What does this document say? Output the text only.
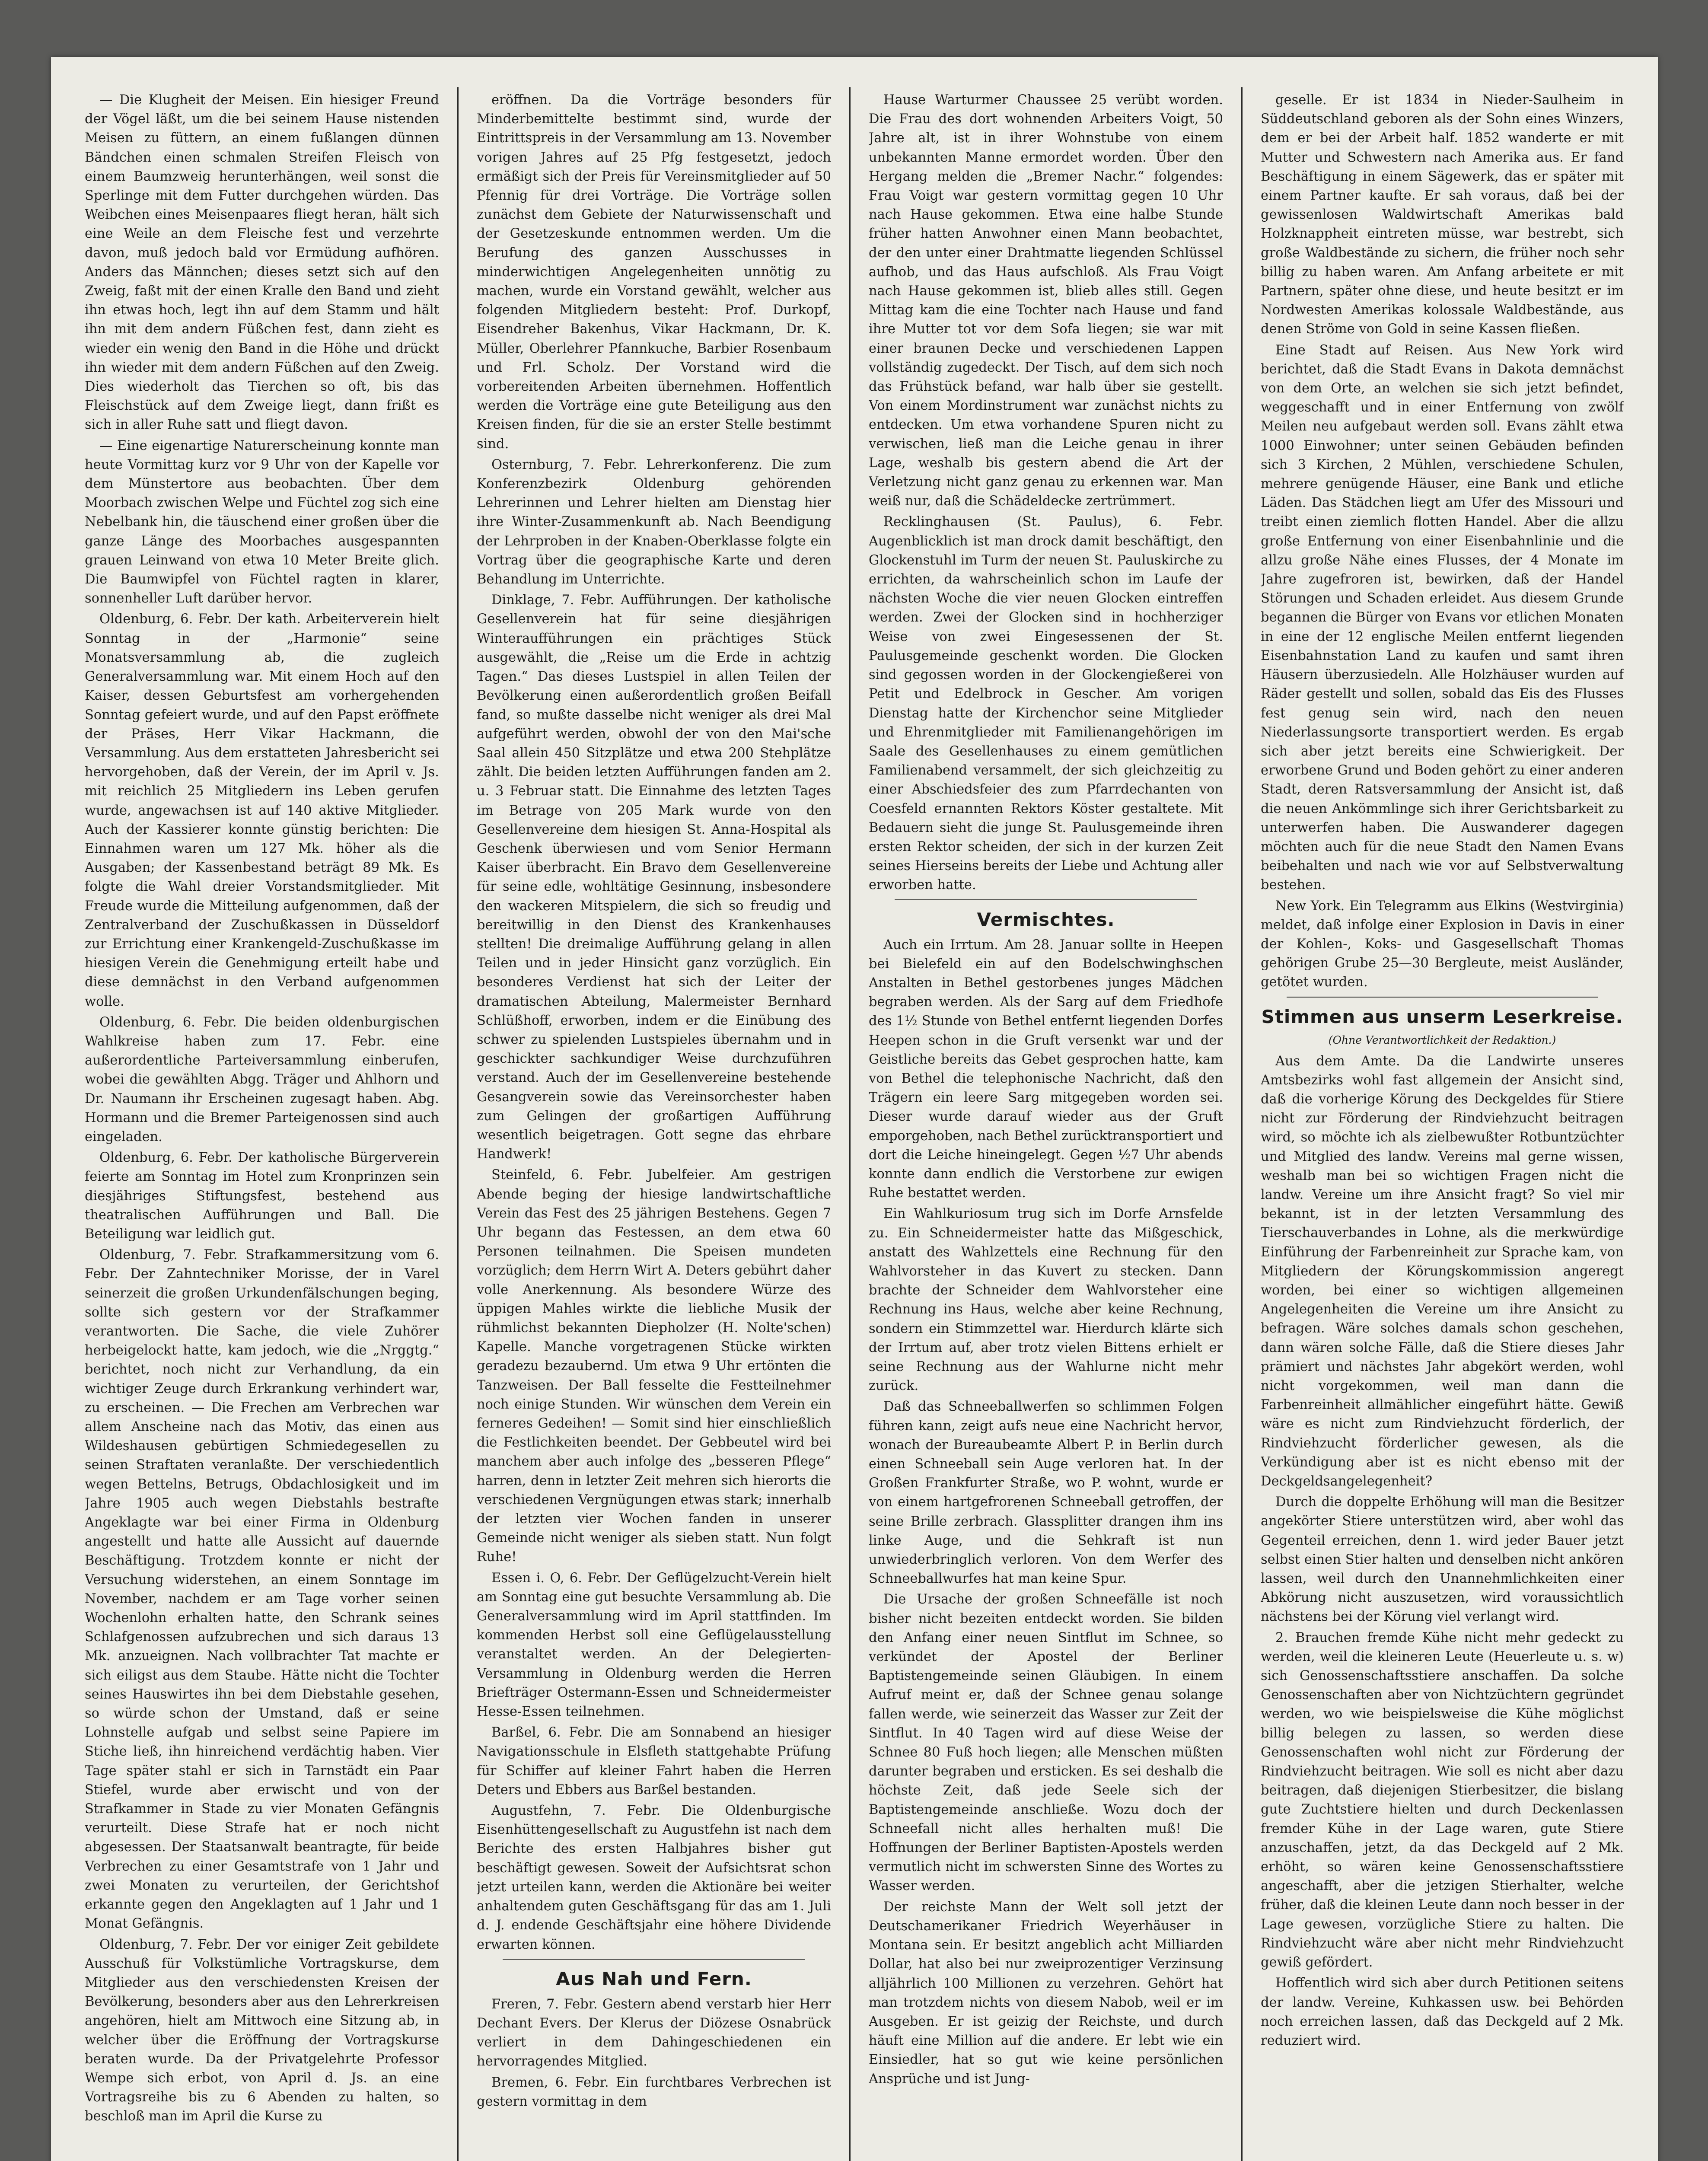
— Die Klugheit der Meisen. Ein hiesiger Freund der Vögel läßt, um die bei seinem Hause nistenden Meisen zu füttern, an einem fußlangen dünnen Bändchen einen schmalen Streifen Fleisch von einem Baumzweig herunterhängen, weil sonst die Sperlinge mit dem Futter durchgehen würden. Das Weibchen eines Meisenpaares fliegt heran, hält sich eine Weile an dem Fleische fest und verzehrte davon, muß jedoch bald vor Ermüdung aufhören. Anders das Männchen; dieses setzt sich auf den Zweig, faßt mit der einen Kralle den Band und zieht ihn etwas hoch, legt ihn auf dem Stamm und hält ihn mit dem andern Füßchen fest, dann zieht es wieder ein wenig den Band in die Höhe und drückt ihn wieder mit dem andern Füßchen auf den Zweig. Dies wiederholt das Tierchen so oft, bis das Fleischstück auf dem Zweige liegt, dann frißt es sich in aller Ruhe satt und fliegt davon.

— Eine eigenartige Naturerscheinung konnte man heute Vormittag kurz vor 9 Uhr von der Kapelle vor dem Münstertore aus beobachten. Über dem Moorbach zwischen Welpe und Füchtel zog sich eine Nebelbank hin, die täuschend einer großen über die ganze Länge des Moorbaches ausgespannten grauen Leinwand von etwa 10 Meter Breite glich. Die Baumwipfel von Füchtel ragten in klarer, sonnenheller Luft darüber hervor.

Oldenburg, 6. Febr. Der kath. Arbeiterverein hielt Sonntag in der „Harmonie“ seine Monatsversammlung ab, die zugleich Generalversammlung war. Mit einem Hoch auf den Kaiser, dessen Geburtsfest am vorhergehenden Sonntag gefeiert wurde, und auf den Papst eröffnete der Präses, Herr Vikar Hackmann, die Versammlung. Aus dem erstatteten Jahresbericht sei hervorgehoben, daß der Verein, der im April v. Js. mit reichlich 25 Mitgliedern ins Leben gerufen wurde, angewachsen ist auf 140 aktive Mitglieder. Auch der Kassierer konnte günstig berichten: Die Einnahmen waren um 127 Mk. höher als die Ausgaben; der Kassenbestand beträgt 89 Mk. Es folgte die Wahl dreier Vorstandsmitglieder. Mit Freude wurde die Mitteilung aufgenommen, daß der Zentralverband der Zuschußkassen in Düsseldorf zur Errichtung einer Krankengeld-Zuschußkasse im hiesigen Verein die Genehmigung erteilt habe und diese demnächst in den Verband aufgenommen wolle.

Oldenburg, 6. Febr. Die beiden oldenburgischen Wahlkreise haben zum 17. Febr. eine außerordentliche Parteiversammlung einberufen, wobei die gewählten Abgg. Träger und Ahlhorn und Dr. Naumann ihr Erscheinen zugesagt haben. Abg. Hormann und die Bremer Parteigenossen sind auch eingeladen.

Oldenburg, 6. Febr. Der katholische Bürgerverein feierte am Sonntag im Hotel zum Kronprinzen sein diesjähriges Stiftungsfest, bestehend aus theatralischen Aufführungen und Ball. Die Beteiligung war leidlich gut.

Oldenburg, 7. Febr. Strafkammersitzung vom 6. Febr. Der Zahntechniker Morisse, der in Varel seinerzeit die großen Urkundenfälschungen beging, sollte sich gestern vor der Strafkammer verantworten. Die Sache, die viele Zuhörer herbeigelockt hatte, kam jedoch, wie die „Nrggtg.“ berichtet, noch nicht zur Verhandlung, da ein wichtiger Zeuge durch Erkrankung verhindert war, zu erscheinen. — Die Frechen am Verbrechen war allem Anscheine nach das Motiv, das einen aus Wildeshausen gebürtigen Schmiedegesellen zu seinen Straftaten veranlaßte. Der verschiedentlich wegen Bettelns, Betrugs, Obdachlosigkeit und im Jahre 1905 auch wegen Diebstahls bestrafte Angeklagte war bei einer Firma in Oldenburg angestellt und hatte alle Aussicht auf dauernde Beschäftigung. Trotzdem konnte er nicht der Versuchung widerstehen, an einem Sonntage im November, nachdem er am Tage vorher seinen Wochenlohn erhalten hatte, den Schrank seines Schlafgenossen aufzubrechen und sich daraus 13 Mk. anzueignen. Nach vollbrachter Tat machte er sich eiligst aus dem Staube. Hätte nicht die Tochter seines Hauswirtes ihn bei dem Diebstahle gesehen, so würde schon der Umstand, daß er seine Lohnstelle aufgab und selbst seine Papiere im Stiche ließ, ihn hinreichend verdächtig haben. Vier Tage später stahl er sich in Tarnstädt ein Paar Stiefel, wurde aber erwischt und von der Strafkammer in Stade zu vier Monaten Gefängnis verurteilt. Diese Strafe hat er noch nicht abgesessen. Der Staatsanwalt beantragte, für beide Verbrechen zu einer Gesamtstrafe von 1 Jahr und zwei Monaten zu verurteilen, der Gerichtshof erkannte gegen den Angeklagten auf 1 Jahr und 1 Monat Gefängnis.

Oldenburg, 7. Febr. Der vor einiger Zeit gebildete Ausschuß für Volkstümliche Vortragskurse, dem Mitglieder aus den verschiedensten Kreisen der Bevölkerung, besonders aber aus den Lehrerkreisen angehören, hielt am Mittwoch eine Sitzung ab, in welcher über die Eröffnung der Vortragskurse beraten wurde. Da der Privatgelehrte Professor Wempe sich erbot, von April d. Js. an eine Vortragsreihe bis zu 6 Abenden zu halten, so beschloß man im April die Kurse zu

eröffnen. Da die Vorträge besonders für Minderbemittelte bestimmt sind, wurde der Eintrittspreis in der Versammlung am 13. November vorigen Jahres auf 25 Pfg festgesetzt, jedoch ermäßigt sich der Preis für Vereinsmitglieder auf 50 Pfennig für drei Vorträge. Die Vorträge sollen zunächst dem Gebiete der Naturwissenschaft und der Gesetzeskunde entnommen werden. Um die Berufung des ganzen Ausschusses in minderwichtigen Angelegenheiten unnötig zu machen, wurde ein Vorstand gewählt, welcher aus folgenden Mitgliedern besteht: Prof. Durkopf, Eisendreher Bakenhus, Vikar Hackmann, Dr. K. Müller, Oberlehrer Pfannkuche, Barbier Rosenbaum und Frl. Scholz. Der Vorstand wird die vorbereitenden Arbeiten übernehmen. Hoffentlich werden die Vorträge eine gute Beteiligung aus den Kreisen finden, für die sie an erster Stelle bestimmt sind.

Osternburg, 7. Febr. Lehrerkonferenz. Die zum Konferenzbezirk Oldenburg gehörenden Lehrerinnen und Lehrer hielten am Dienstag hier ihre Winter-Zusammenkunft ab. Nach Beendigung der Lehrproben in der Knaben-Oberklasse folgte ein Vortrag über die geographische Karte und deren Behandlung im Unterrichte.

Dinklage, 7. Febr. Aufführungen. Der katholische Gesellenverein hat für seine diesjährigen Winteraufführungen ein prächtiges Stück ausgewählt, die „Reise um die Erde in achtzig Tagen.“ Das dieses Lustspiel in allen Teilen der Bevölkerung einen außerordentlich großen Beifall fand, so mußte dasselbe nicht weniger als drei Mal aufgeführt werden, obwohl der von den Mai'sche Saal allein 450 Sitzplätze und etwa 200 Stehplätze zählt. Die beiden letzten Aufführungen fanden am 2. u. 3 Februar statt. Die Einnahme des letzten Tages im Betrage von 205 Mark wurde von den Gesellenvereine dem hiesigen St. Anna-Hospital als Geschenk überwiesen und vom Senior Hermann Kaiser überbracht. Ein Bravo dem Gesellenvereine für seine edle, wohltätige Gesinnung, insbesondere den wackeren Mitspielern, die sich so freudig und bereitwillig in den Dienst des Krankenhauses stellten! Die dreimalige Aufführung gelang in allen Teilen und in jeder Hinsicht ganz vorzüglich. Ein besonderes Verdienst hat sich der Leiter der dramatischen Abteilung, Malermeister Bernhard Schlüßhoff, erworben, indem er die Einübung des schwer zu spielenden Lustspieles übernahm und in geschickter sachkundiger Weise durchzuführen verstand. Auch der im Gesellenvereine bestehende Gesangverein sowie das Vereinsorchester haben zum Gelingen der großartigen Aufführung wesentlich beigetragen. Gott segne das ehrbare Handwerk!

Steinfeld, 6. Febr. Jubelfeier. Am gestrigen Abende beging der hiesige landwirtschaftliche Verein das Fest des 25 jährigen Bestehens. Gegen 7 Uhr begann das Festessen, an dem etwa 60 Personen teilnahmen. Die Speisen mundeten vorzüglich; dem Herrn Wirt A. Deters gebührt daher volle Anerkennung. Als besondere Würze des üppigen Mahles wirkte die liebliche Musik der rühmlichst bekannten Diepholzer (H. Nolte'schen) Kapelle. Manche vorgetragenen Stücke wirkten geradezu bezaubernd. Um etwa 9 Uhr ertönten die Tanzweisen. Der Ball fesselte die Festteilnehmer noch einige Stunden. Wir wünschen dem Verein ein ferneres Gedeihen! — Somit sind hier einschließlich die Festlichkeiten beendet. Der Gebbeutel wird bei manchem aber auch infolge des „besseren Pflege“ harren, denn in letzter Zeit mehren sich hierorts die verschiedenen Vergnügungen etwas stark; innerhalb der letzten vier Wochen fanden in unserer Gemeinde nicht weniger als sieben statt. Nun folgt Ruhe!

Essen i. O, 6. Febr. Der Geflügelzucht-Verein hielt am Sonntag eine gut besuchte Versammlung ab. Die Generalversammlung wird im April stattfinden. Im kommenden Herbst soll eine Geflügelausstellung veranstaltet werden. An der Delegierten-Versammlung in Oldenburg werden die Herren Briefträger Ostermann-Essen und Schneidermeister Hesse-Essen teilnehmen.

Barßel, 6. Febr. Die am Sonnabend an hiesiger Navigationsschule in Elsfleth stattgehabte Prüfung für Schiffer auf kleiner Fahrt haben die Herren Deters und Ebbers aus Barßel bestanden.

Augustfehn, 7. Febr. Die Oldenburgische Eisenhüttengesellschaft zu Augustfehn ist nach dem Berichte des ersten Halbjahres bisher gut beschäftigt gewesen. Soweit der Aufsichtsrat schon jetzt urteilen kann, werden die Aktionäre bei weiter anhaltendem guten Geschäftsgang für das am 1. Juli d. J. endende Geschäftsjahr eine höhere Dividende erwarten können.

Aus Nah und Fern.

Freren, 7. Febr. Gestern abend verstarb hier Herr Dechant Evers. Der Klerus der Diözese Osnabrück verliert in dem Dahingeschiedenen ein hervorragendes Mitglied.

Bremen, 6. Febr. Ein furchtbares Verbrechen ist gestern vormittag in dem

Hause Warturmer Chaussee 25 verübt worden. Die Frau des dort wohnenden Arbeiters Voigt, 50 Jahre alt, ist in ihrer Wohnstube von einem unbekannten Manne ermordet worden. Über den Hergang melden die „Bremer Nachr.“ folgendes: Frau Voigt war gestern vormittag gegen 10 Uhr nach Hause gekommen. Etwa eine halbe Stunde früher hatten Anwohner einen Mann beobachtet, der den unter einer Drahtmatte liegenden Schlüssel aufhob, und das Haus aufschloß. Als Frau Voigt nach Hause gekommen ist, blieb alles still. Gegen Mittag kam die eine Tochter nach Hause und fand ihre Mutter tot vor dem Sofa liegen; sie war mit einer braunen Decke und verschiedenen Lappen vollständig zugedeckt. Der Tisch, auf dem sich noch das Frühstück befand, war halb über sie gestellt. Von einem Mordinstrument war zunächst nichts zu entdecken. Um etwa vorhandene Spuren nicht zu verwischen, ließ man die Leiche genau in ihrer Lage, weshalb bis gestern abend die Art der Verletzung nicht ganz genau zu erkennen war. Man weiß nur, daß die Schädeldecke zertrümmert.

Recklinghausen (St. Paulus), 6. Febr. Augenblicklich ist man drock damit beschäftigt, den Glockenstuhl im Turm der neuen St. Pauluskirche zu errichten, da wahrscheinlich schon im Laufe der nächsten Woche die vier neuen Glocken eintreffen werden. Zwei der Glocken sind in hochherziger Weise von zwei Eingesessenen der St. Paulusgemeinde geschenkt worden. Die Glocken sind gegossen worden in der Glockengießerei von Petit und Edelbrock in Gescher. Am vorigen Dienstag hatte der Kirchenchor seine Mitglieder und Ehrenmitglieder mit Familienangehörigen im Saale des Gesellenhauses zu einem gemütlichen Familienabend versammelt, der sich gleichzeitig zu einer Abschiedsfeier des zum Pfarrdechanten von Coesfeld ernannten Rektors Köster gestaltete. Mit Bedauern sieht die junge St. Paulusgemeinde ihren ersten Rektor scheiden, der sich in der kurzen Zeit seines Hierseins bereits der Liebe und Achtung aller erworben hatte.

Vermischtes.

Auch ein Irrtum. Am 28. Januar sollte in Heepen bei Bielefeld ein auf den Bodelschwinghschen Anstalten in Bethel gestorbenes junges Mädchen begraben werden. Als der Sarg auf dem Friedhofe des 1½ Stunde von Bethel entfernt liegenden Dorfes Heepen schon in die Gruft versenkt war und der Geistliche bereits das Gebet gesprochen hatte, kam von Bethel die telephonische Nachricht, daß den Trägern ein leere Sarg mitgegeben worden sei. Dieser wurde darauf wieder aus der Gruft emporgehoben, nach Bethel zurücktransportiert und dort die Leiche hineingelegt. Gegen ½7 Uhr abends konnte dann endlich die Verstorbene zur ewigen Ruhe bestattet werden.

Ein Wahlkuriosum trug sich im Dorfe Arnsfelde zu. Ein Schneidermeister hatte das Mißgeschick, anstatt des Wahlzettels eine Rechnung für den Wahlvorsteher in das Kuvert zu stecken. Dann brachte der Schneider dem Wahlvorsteher eine Rechnung ins Haus, welche aber keine Rechnung, sondern ein Stimmzettel war. Hierdurch klärte sich der Irrtum auf, aber trotz vielen Bittens erhielt er seine Rechnung aus der Wahlurne nicht mehr zurück.

Daß das Schneeballwerfen so schlimmen Folgen führen kann, zeigt aufs neue eine Nachricht hervor, wonach der Bureaubeamte Albert P. in Berlin durch einen Schneeball sein Auge verloren hat. In der Großen Frankfurter Straße, wo P. wohnt, wurde er von einem hartgefrorenen Schneeball getroffen, der seine Brille zerbrach. Glassplitter drangen ihm ins linke Auge, und die Sehkraft ist nun unwiederbringlich verloren. Von dem Werfer des Schneeballwurfes hat man keine Spur.

Die Ursache der großen Schneefälle ist noch bisher nicht bezeiten entdeckt worden. Sie bilden den Anfang einer neuen Sintflut im Schnee, so verkündet der Apostel der Berliner Baptistengemeinde seinen Gläubigen. In einem Aufruf meint er, daß der Schnee genau solange fallen werde, wie seinerzeit das Wasser zur Zeit der Sintflut. In 40 Tagen wird auf diese Weise der Schnee 80 Fuß hoch liegen; alle Menschen müßten darunter begraben und ersticken. Es sei deshalb die höchste Zeit, daß jede Seele sich der Baptistengemeinde anschließe. Wozu doch der Schneefall nicht alles herhalten muß! Die Hoffnungen der Berliner Baptisten-Apostels werden vermutlich nicht im schwersten Sinne des Wortes zu Wasser werden.

Der reichste Mann der Welt soll jetzt der Deutschamerikaner Friedrich Weyerhäuser in Montana sein. Er besitzt angeblich acht Milliarden Dollar, hat also bei nur zweiprozentiger Verzinsung alljährlich 100 Millionen zu verzehren. Gehört hat man trotzdem nichts von diesem Nabob, weil er im Ausgeben. Er ist geizig der Reichste, und durch häuft eine Million auf die andere. Er lebt wie ein Einsiedler, hat so gut wie keine persönlichen Ansprüche und ist Jung-

geselle. Er ist 1834 in Nieder-Saulheim in Süddeutschland geboren als der Sohn eines Winzers, dem er bei der Arbeit half. 1852 wanderte er mit Mutter und Schwestern nach Amerika aus. Er fand Beschäftigung in einem Sägewerk, das er später mit einem Partner kaufte. Er sah voraus, daß bei der gewissenlosen Waldwirtschaft Amerikas bald Holzknappheit eintreten müsse, war bestrebt, sich große Waldbestände zu sichern, die früher noch sehr billig zu haben waren. Am Anfang arbeitete er mit Partnern, später ohne diese, und heute besitzt er im Nordwesten Amerikas kolossale Waldbestände, aus denen Ströme von Gold in seine Kassen fließen.

Eine Stadt auf Reisen. Aus New York wird berichtet, daß die Stadt Evans in Dakota demnächst von dem Orte, an welchen sie sich jetzt befindet, weggeschafft und in einer Entfernung von zwölf Meilen neu aufgebaut werden soll. Evans zählt etwa 1000 Einwohner; unter seinen Gebäuden befinden sich 3 Kirchen, 2 Mühlen, verschiedene Schulen, mehrere genügende Häuser, eine Bank und etliche Läden. Das Städchen liegt am Ufer des Missouri und treibt einen ziemlich flotten Handel. Aber die allzu große Entfernung von einer Eisenbahnlinie und die allzu große Nähe eines Flusses, der 4 Monate im Jahre zugefroren ist, bewirken, daß der Handel Störungen und Schaden erleidet. Aus diesem Grunde begannen die Bürger von Evans vor etlichen Monaten in eine der 12 englische Meilen entfernt liegenden Eisenbahnstation Land zu kaufen und samt ihren Häusern überzusiedeln. Alle Holzhäuser wurden auf Räder gestellt und sollen, sobald das Eis des Flusses fest genug sein wird, nach den neuen Niederlassungsorte transportiert werden. Es ergab sich aber jetzt bereits eine Schwierigkeit. Der erworbene Grund und Boden gehört zu einer anderen Stadt, deren Ratsversammlung der Ansicht ist, daß die neuen Ankömmlinge sich ihrer Gerichtsbarkeit zu unterwerfen haben. Die Auswanderer dagegen möchten auch für die neue Stadt den Namen Evans beibehalten und nach wie vor auf Selbstverwaltung bestehen.

New York. Ein Telegramm aus Elkins (Westvirginia) meldet, daß infolge einer Explosion in Davis in einer der Kohlen-, Koks- und Gasgesellschaft Thomas gehörigen Grube 25—30 Bergleute, meist Ausländer, getötet wurden.

Stimmen aus unserm Leserkreise.
(Ohne Verantwortlichkeit der Redaktion.)

Aus dem Amte. Da die Landwirte unseres Amtsbezirks wohl fast allgemein der Ansicht sind, daß die vorherige Körung des Deckgeldes für Stiere nicht zur Förderung der Rindviehzucht beitragen wird, so möchte ich als zielbewußter Rotbuntzüchter und Mitglied des landw. Vereins mal gerne wissen, weshalb man bei so wichtigen Fragen nicht die landw. Vereine um ihre Ansicht fragt? So viel mir bekannt, ist in der letzten Versammlung des Tierschauverbandes in Lohne, als die merkwürdige Einführung der Farbenreinheit zur Sprache kam, von Mitgliedern der Körungskommission angeregt worden, bei einer so wichtigen allgemeinen Angelegenheiten die Vereine um ihre Ansicht zu befragen. Wäre solches damals schon geschehen, dann wären solche Fälle, daß die Stiere dieses Jahr prämiert und nächstes Jahr abgekört werden, wohl nicht vorgekommen, weil man dann die Farbenreinheit allmählicher eingeführt hätte. Gewiß wäre es nicht zum Rindviehzucht förderlich, der Rindviehzucht förderlicher gewesen, als die Verkündigung aber ist es nicht ebenso mit der Deckgeldsangelegenheit?

Durch die doppelte Erhöhung will man die Besitzer angekörter Stiere unterstützen wird, aber wohl das Gegenteil erreichen, denn 1. wird jeder Bauer jetzt selbst einen Stier halten und denselben nicht ankören lassen, weil durch den Unannehmlichkeiten einer Abkörung nicht auszusetzen, wird voraussichtlich nächstens bei der Körung viel verlangt wird.

2. Brauchen fremde Kühe nicht mehr gedeckt zu werden, weil die kleineren Leute (Heuerleute u. s. w) sich Genossenschaftsstiere anschaffen. Da solche Genossenschaften aber von Nichtzüchtern gegründet werden, wo wie beispielsweise die Kühe möglichst billig belegen zu lassen, so werden diese Genossenschaften wohl nicht zur Förderung der Rindviehzucht beitragen. Wie soll es nicht aber dazu beitragen, daß diejenigen Stierbesitzer, die bislang gute Zuchtstiere hielten und durch Deckenlassen fremder Kühe in der Lage waren, gute Stiere anzuschaffen, jetzt, da das Deckgeld auf 2 Mk. erhöht, so wären keine Genossenschaftsstiere angeschafft, aber die jetzigen Stierhalter, welche früher, daß die kleinen Leute dann noch besser in der Lage gewesen, vorzügliche Stiere zu halten. Die Rindviehzucht wäre aber nicht mehr Rindviehzucht gewiß gefördert.

Hoffentlich wird sich aber durch Petitionen seitens der landw. Vereine, Kuhkassen usw. bei Behörden noch erreichen lassen, daß das Deckgeld auf 2 Mk. reduziert wird.
